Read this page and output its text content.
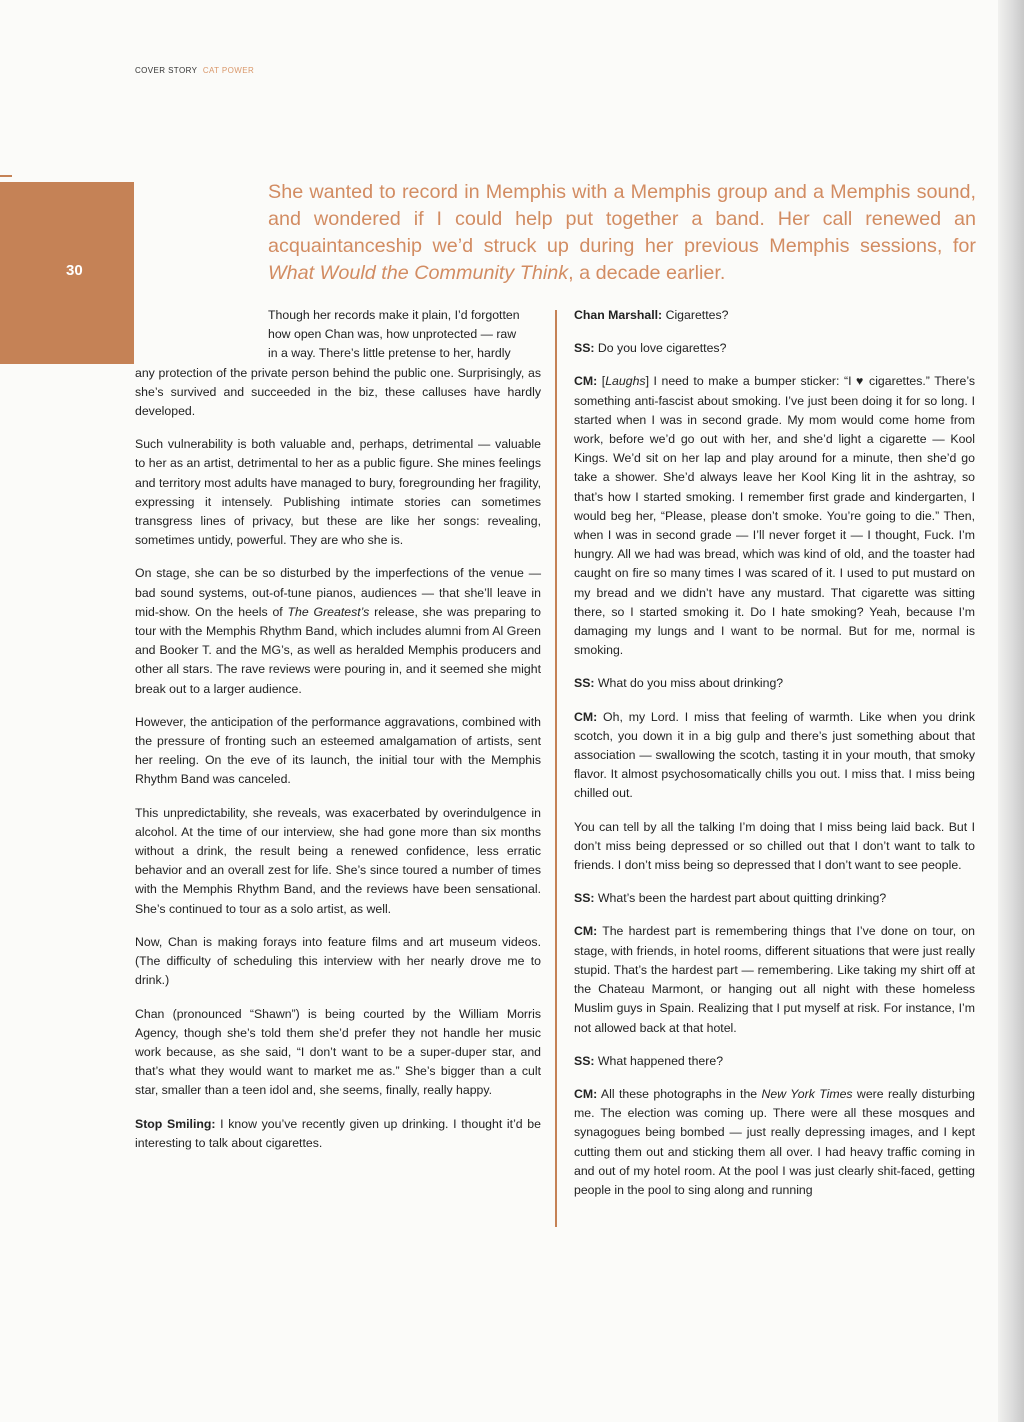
COVER STORY CAT POWER
30
She wanted to record in Memphis with a Memphis group and a Memphis sound, and wondered if I could help put together a band. Her call renewed an acquaintanceship we’d struck up during her previous Memphis sessions, for What Would the Community Think, a decade earlier.

Though her records make it plain, I’d forgotten
how open Chan was, how unprotected — raw
in a way. There’s little pretense to her, hardly
any protection of the private person behind the public one. Surprisingly, as she’s survived and succeeded in the biz, these calluses have hardly developed.

Such vulnerability is both valuable and, perhaps, detrimental — valuable to her as an artist, detrimental to her as a public figure. She mines feelings and territory most adults have managed to bury, foregrounding her fragility, expressing it intensely. Publishing intimate stories can sometimes transgress lines of privacy, but these are like her songs: revealing, sometimes untidy, powerful. They are who she is.

On stage, she can be so disturbed by the imperfections of the venue — bad sound systems, out-of-tune pianos, audiences — that she’ll leave in mid-show. On the heels of The Greatest’s release, she was preparing to tour with the Memphis Rhythm Band, which includes alumni from Al Green and Booker T. and the MG’s, as well as heralded Memphis producers and other all stars. The rave reviews were pouring in, and it seemed she might break out to a larger audience.

However, the anticipation of the performance aggravations, combined with the pressure of fronting such an esteemed amalgamation of artists, sent her reeling. On the eve of its launch, the initial tour with the Memphis Rhythm Band was canceled.

This unpredictability, she reveals, was exacerbated by overindulgence in alcohol. At the time of our interview, she had gone more than six months without a drink, the result being a renewed confidence, less erratic behavior and an overall zest for life. She’s since toured a number of times with the Memphis Rhythm Band, and the reviews have been sensational. She’s continued to tour as a solo artist, as well.

Now, Chan is making forays into feature films and art museum videos. (The difficulty of scheduling this interview with her nearly drove me to drink.)

Chan (pronounced “Shawn”) is being courted by the William Morris Agency, though she’s told them she’d prefer they not handle her music work because, as she said, “I don’t want to be a super-duper star, and that’s what they would want to market me as.” She’s bigger than a cult star, smaller than a teen idol and, she seems, finally, really happy.

Stop Smiling: I know you’ve recently given up drinking. I thought it’d be interesting to talk about cigarettes.

Chan Marshall: Cigarettes?

SS: Do you love cigarettes?

CM: [Laughs] I need to make a bumper sticker: “I ♥ cigarettes.” There’s something anti-fascist about smoking. I’ve just been doing it for so long. I started when I was in second grade. My mom would come home from work, before we’d go out with her, and she’d light a cigarette — Kool Kings. We’d sit on her lap and play around for a minute, then she’d go take a shower. She’d always leave her Kool King lit in the ashtray, so that’s how I started smoking. I remember first grade and kindergarten, I would beg her, “Please, please don’t smoke. You’re going to die.” Then, when I was in second grade — I’ll never forget it — I thought, Fuck. I’m hungry. All we had was bread, which was kind of old, and the toaster had caught on fire so many times I was scared of it. I used to put mustard on my bread and we didn’t have any mustard. That cigarette was sitting there, so I started smoking it. Do I hate smoking? Yeah, because I’m damaging my lungs and I want to be normal. But for me, normal is smoking.

SS: What do you miss about drinking?

CM: Oh, my Lord. I miss that feeling of warmth. Like when you drink scotch, you down it in a big gulp and there’s just something about that association — swallowing the scotch, tasting it in your mouth, that smoky flavor. It almost psychosomatically chills you out. I miss that. I miss being chilled out.

You can tell by all the talking I’m doing that I miss being laid back. But I don’t miss being depressed or so chilled out that I don’t want to talk to friends. I don’t miss being so depressed that I don’t want to see people.

SS: What’s been the hardest part about quitting drinking?

CM: The hardest part is remembering things that I’ve done on tour, on stage, with friends, in hotel rooms, different situations that were just really stupid. That’s the hardest part — remembering. Like taking my shirt off at the Chateau Marmont, or hanging out all night with these homeless Muslim guys in Spain. Realizing that I put myself at risk. For instance, I’m not allowed back at that hotel.

SS: What happened there?

CM: All these photographs in the New York Times were really disturbing me. The election was coming up. There were all these mosques and synagogues being bombed — just really depressing images, and I kept cutting them out and sticking them all over. I had heavy traffic coming in and out of my hotel room. At the pool I was just clearly shit-faced, getting people in the pool to sing along and running
